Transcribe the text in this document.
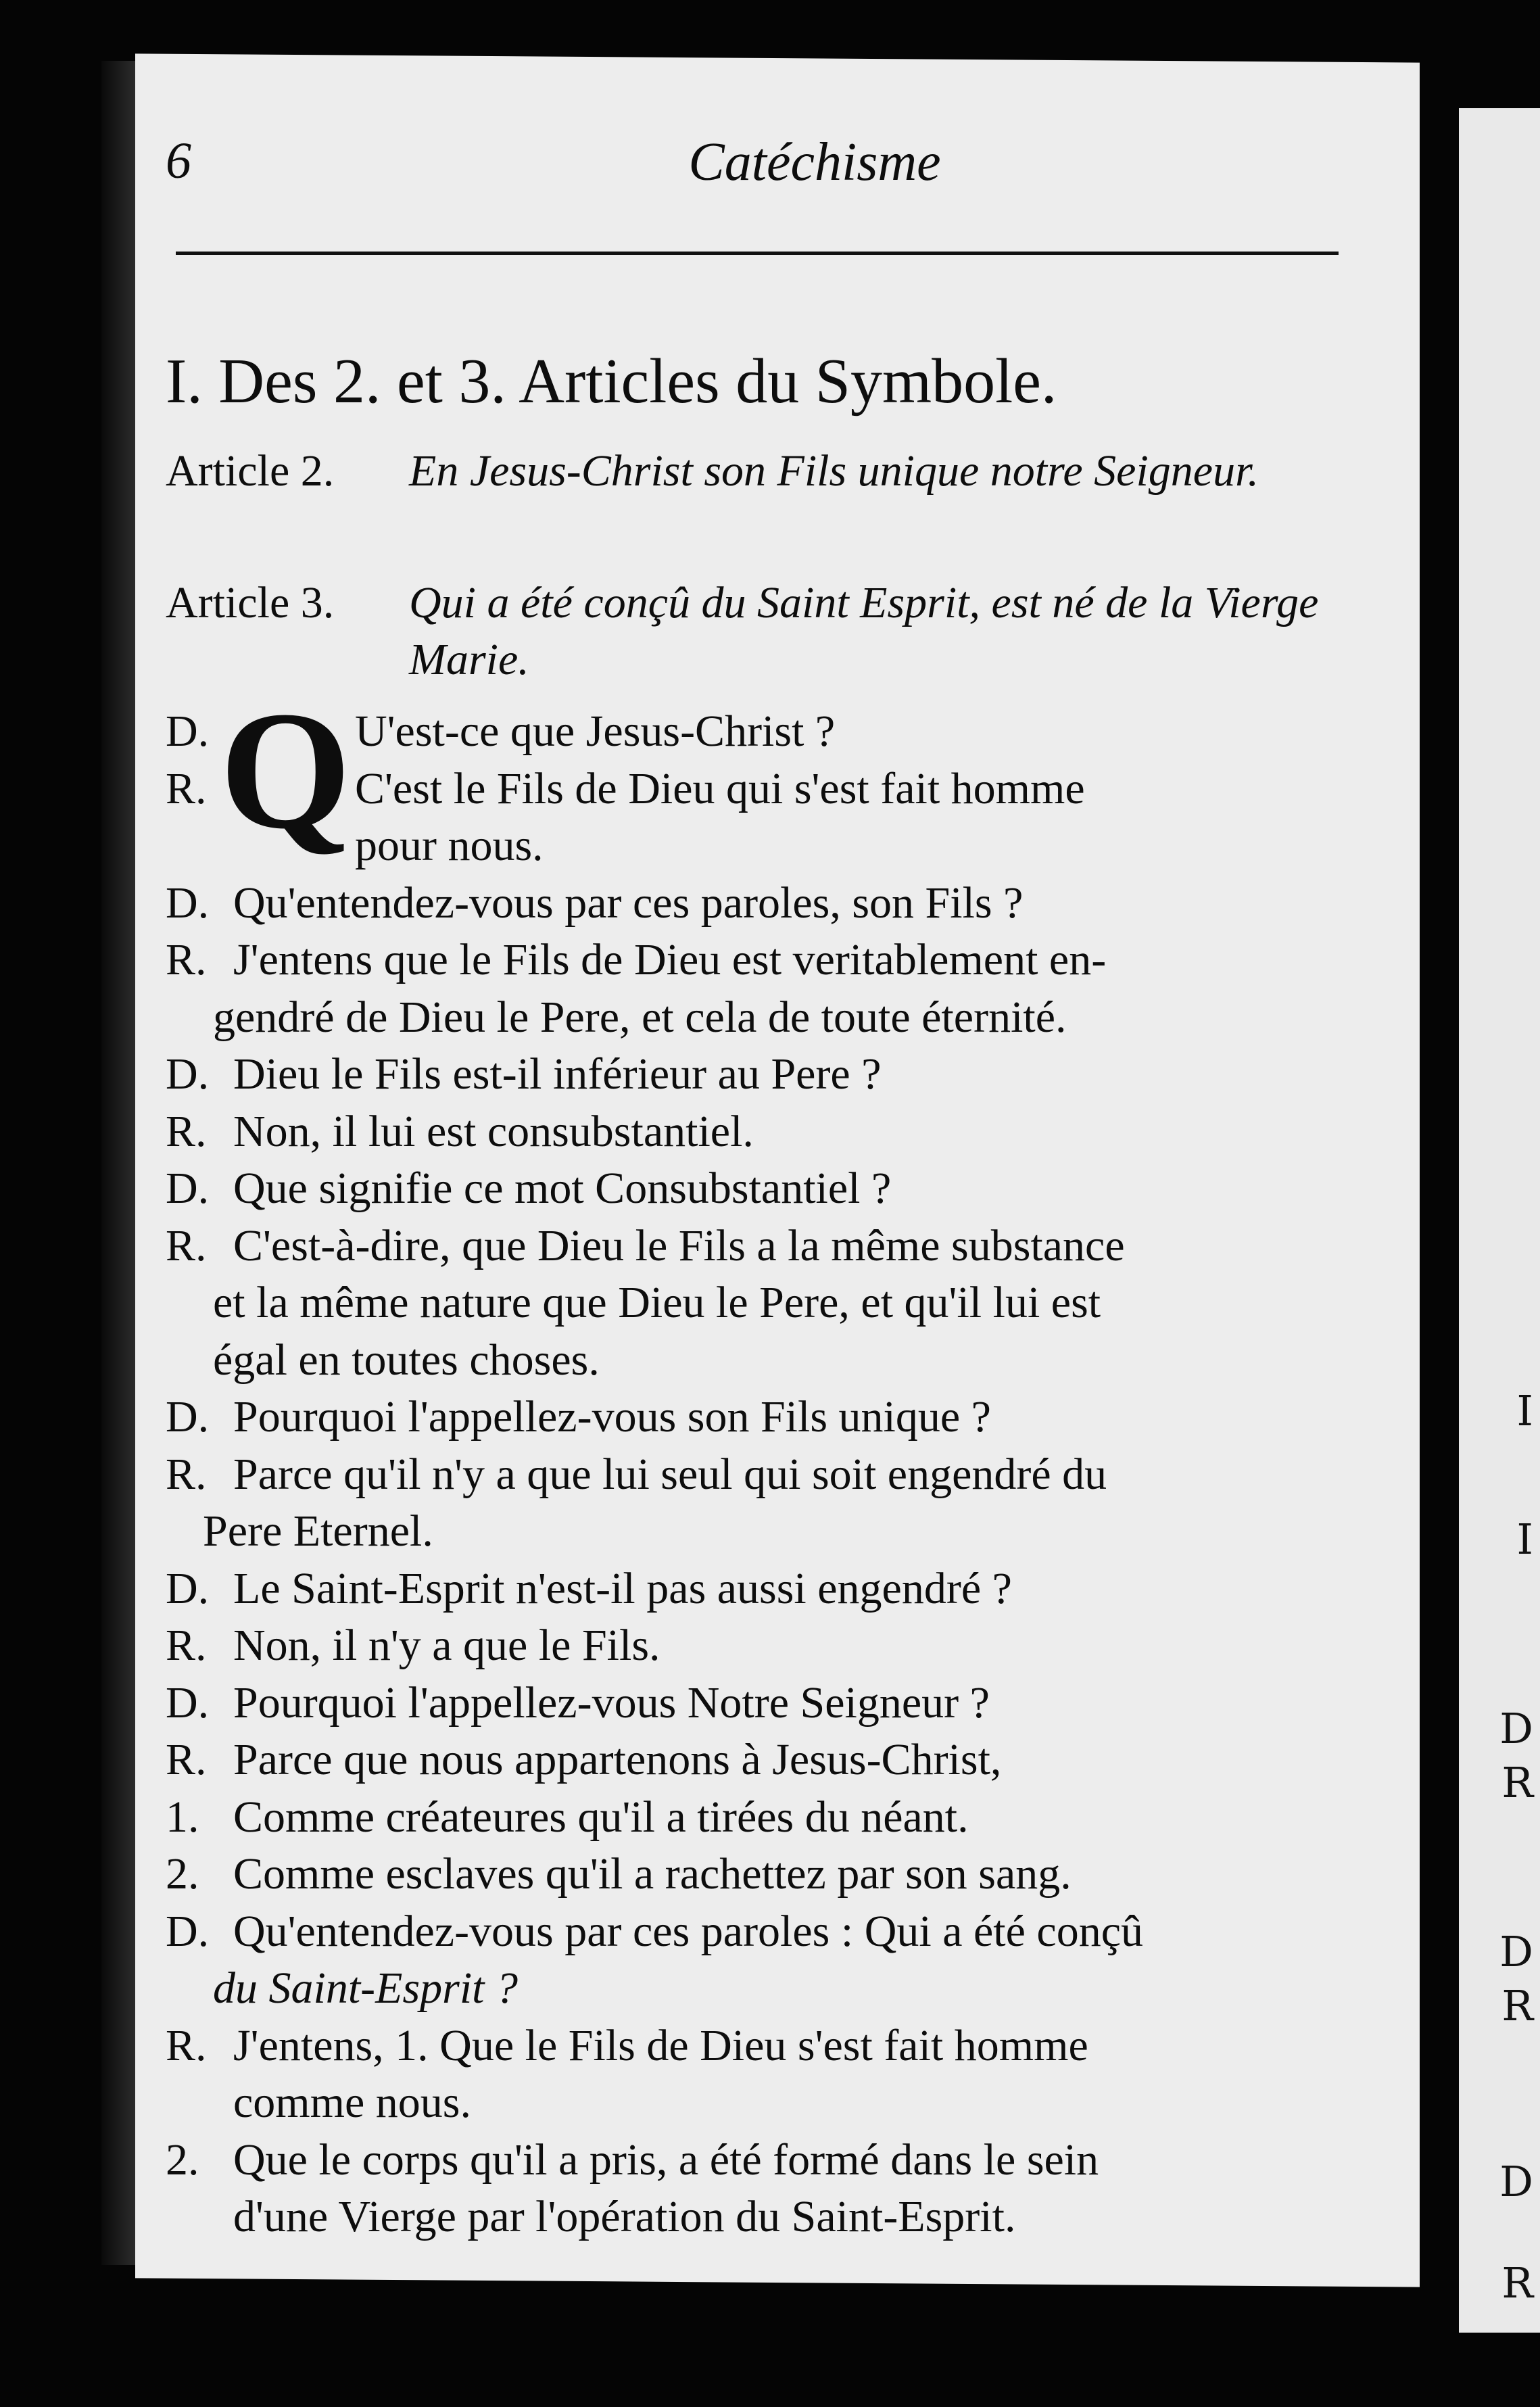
I
I
D
R
D
R
D
R
6	Catéchisme
I. Des 2. et 3. Articles du Symbole.
Article 2. En Jesus-Christ son Fils unique notre Seigneur.
Article 3. Qui a été conçû du Saint Esprit, est né de la Vierge Marie.
Q
D.	U'est-ce que Jesus-Christ ?
R.	C'est le Fils de Dieu qui s'est fait homme
pour nous.
D. Qu'entendez-vous par ces paroles, son Fils ?
R. J'entens que le Fils de Dieu est veritablement en-
gendré de Dieu le Pere, et cela de toute éternité.
D. Dieu le Fils est-il inférieur au Pere ?
R. Non, il lui est consubstantiel.
D. Que signifie ce mot Consubstantiel ?
R. C'est-à-dire, que Dieu le Fils a la même substance
et la même nature que Dieu le Pere, et qu'il lui est
égal en toutes choses.
D. Pourquoi l'appellez-vous son Fils unique ?
R. Parce qu'il n'y a que lui seul qui soit engendré du
Pere Eternel.
D. Le Saint-Esprit n'est-il pas aussi engendré ?
R. Non, il n'y a que le Fils.
D. Pourquoi l'appellez-vous Notre Seigneur ?
R. Parce que nous appartenons à Jesus-Christ,
1. Comme créateures qu'il a tirées du néant.
2. Comme esclaves qu'il a rachettez par son sang.
D. Qu'entendez-vous par ces paroles : Qui a été conçû
du Saint-Esprit ?
R. J'entens, 1. Que le Fils de Dieu s'est fait homme
comme nous.
2. Que le corps qu'il a pris, a été formé dans le sein
d'une Vierge par l'opération du Saint-Esprit.
